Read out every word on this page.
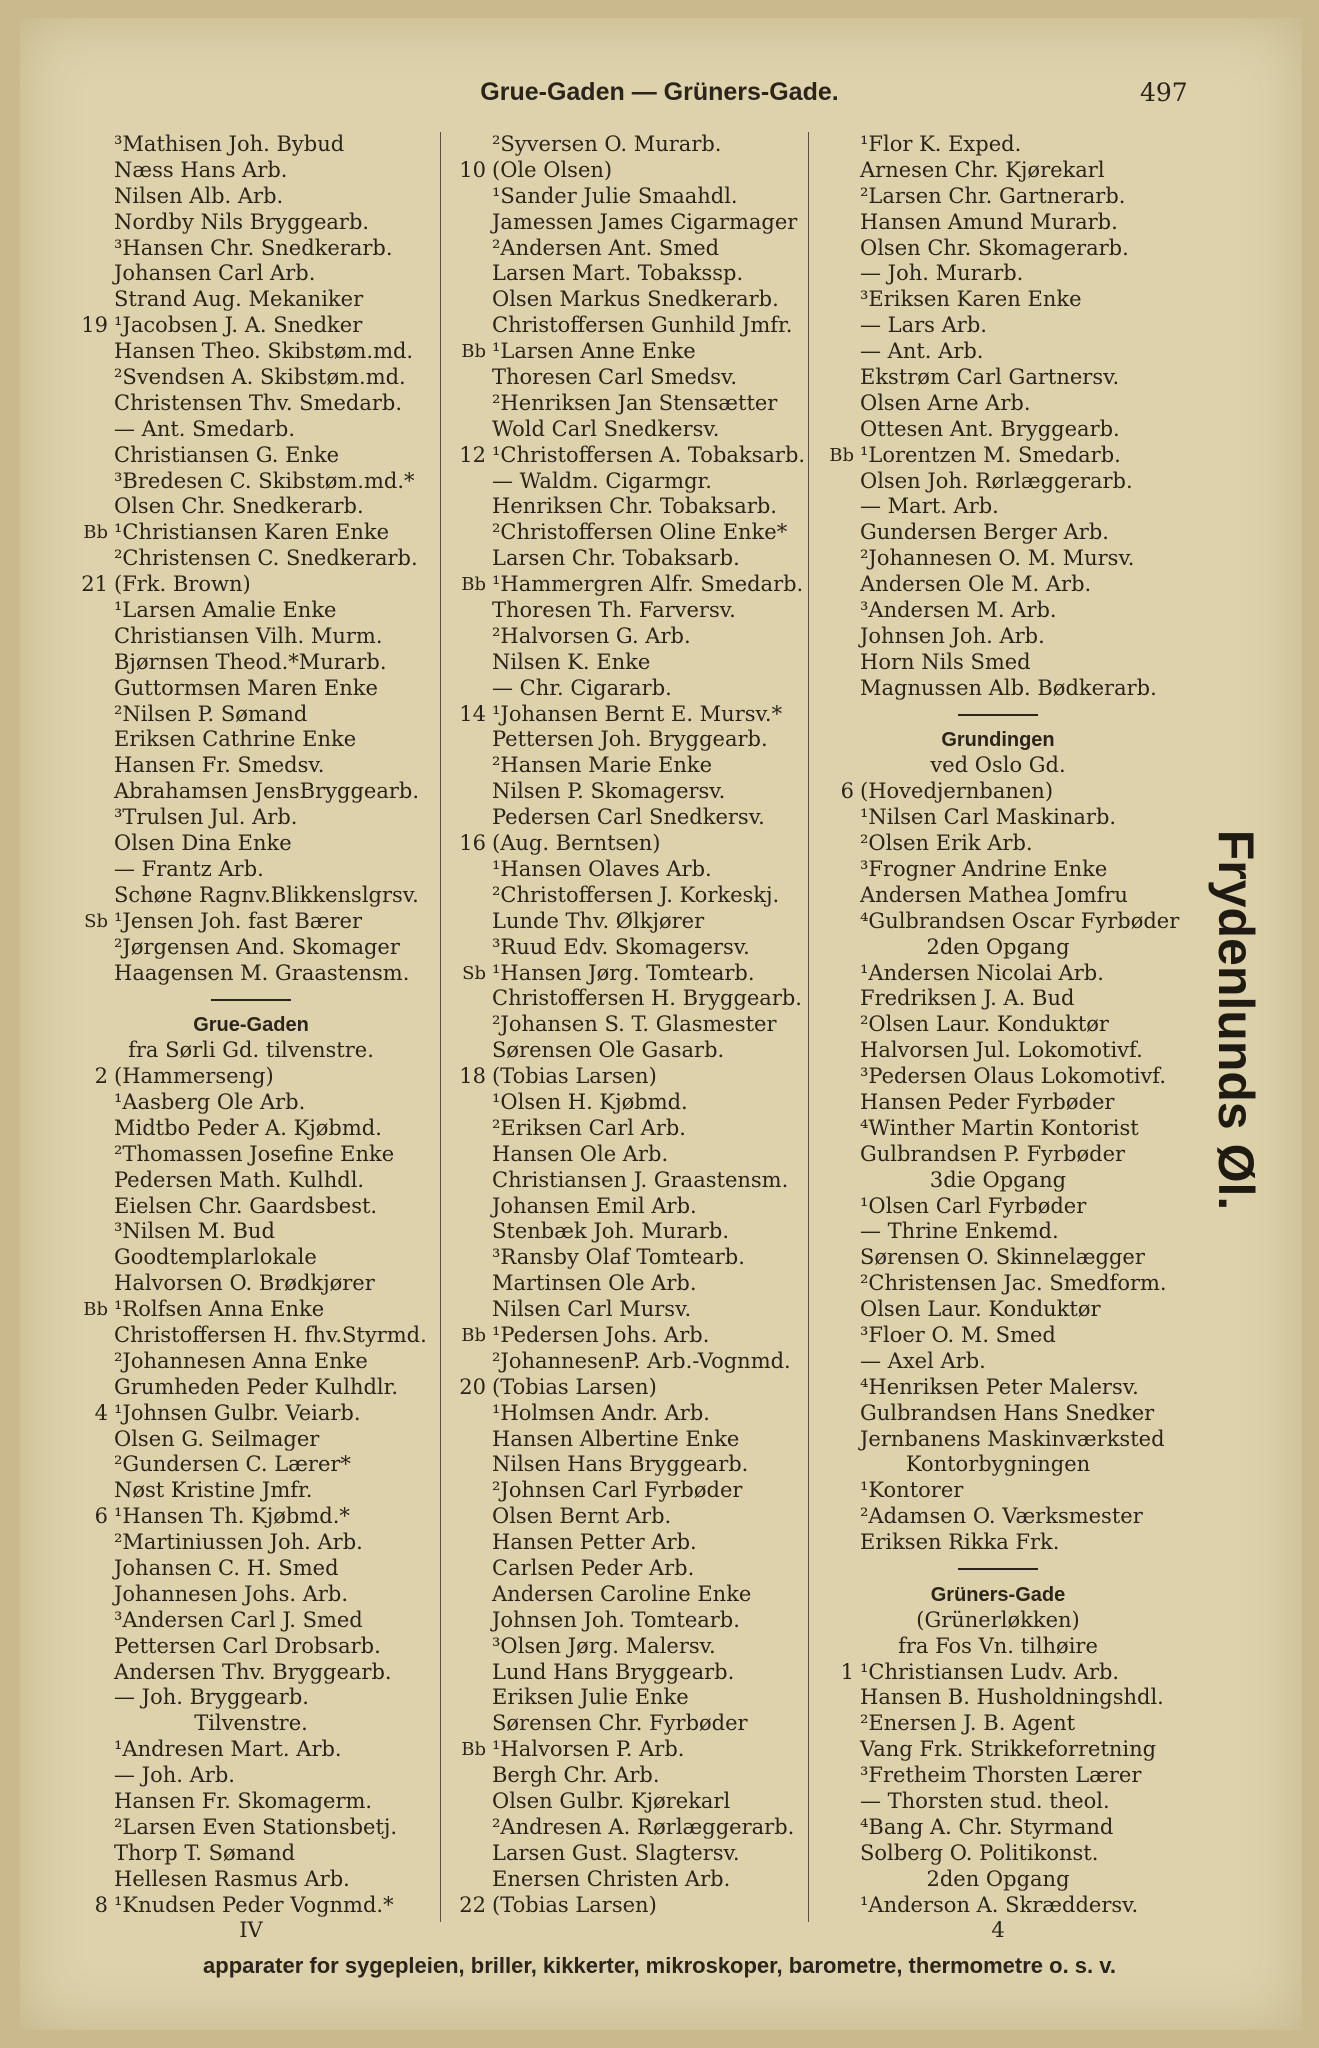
Grue-Gaden — Grüners-Gade.	497
³Mathisen Joh. Bybud
Næss Hans Arb.
Nilsen Alb. Arb.
Nordby Nils Bryggearb.
³Hansen Chr. Snedkerarb.
Johansen Carl Arb.
Strand Aug. Mekaniker
19 ¹Jacobsen J. A. Snedker
Hansen Theo. Skibstøm.md.
²Svendsen A. Skibstøm.md.
Christensen Thv. Smedarb.
— Ant. Smedarb.
Christiansen G. Enke
³Bredesen C. Skibstøm.md.*
Olsen Chr. Snedkerarb.
Bb ¹Christiansen Karen Enke
²Christensen C. Snedkerarb.
21 (Frk. Brown)
¹Larsen Amalie Enke
Christiansen Vilh. Murm.
Bjørnsen Theod.*Murarb.
Guttormsen Maren Enke
²Nilsen P. Sømand
Eriksen Cathrine Enke
Hansen Fr. Smedsv.
Abrahamsen JensBryggearb.
³Trulsen Jul. Arb.
Olsen Dina Enke
— Frantz Arb.
Schøne Ragnv.Blikkenslgrsv.
Sb ¹Jensen Joh. fast Bærer
²Jørgensen And. Skomager
Haagensen M. Graastensm.
Grue-Gaden
fra Sørli Gd. tilvenstre.
2 (Hammerseng)
¹Aasberg Ole Arb.
Midtbo Peder A. Kjøbmd.
²Thomassen Josefine Enke
Pedersen Math. Kulhdl.
Eielsen Chr. Gaardsbest.
³Nilsen M. Bud
Goodtemplarlokale
Halvorsen O. Brødkjører
Bb ¹Rolfsen Anna Enke
Christoffersen H. fhv.Styrmd.
²Johannesen Anna Enke
Grumheden Peder Kulhdlr.
4 ¹Johnsen Gulbr. Veiarb.
Olsen G. Seilmager
²Gundersen C. Lærer*
Nøst Kristine Jmfr.
6 ¹Hansen Th. Kjøbmd.*
²Martiniussen Joh. Arb.
Johansen C. H. Smed
Johannesen Johs. Arb.
³Andersen Carl J. Smed
Pettersen Carl Drobsarb.
Andersen Thv. Bryggearb.
— Joh. Bryggearb.
Tilvenstre.
¹Andresen Mart. Arb.
— Joh. Arb.
Hansen Fr. Skomagerm.
²Larsen Even Stationsbetj.
Thorp T. Sømand
Hellesen Rasmus Arb.
8 ¹Knudsen Peder Vognmd.*
IV
²Syversen O. Murarb.
10 (Ole Olsen)
¹Sander Julie Smaahdl.
Jamessen James Cigarmager
²Andersen Ant. Smed
Larsen Mart. Tobakssp.
Olsen Markus Snedkerarb.
Christoffersen Gunhild Jmfr.
Bb ¹Larsen Anne Enke
Thoresen Carl Smedsv.
²Henriksen Jan Stensætter
Wold Carl Snedkersv.
12 ¹Christoffersen A. Tobaksarb.
— Waldm. Cigarmgr.
Henriksen Chr. Tobaksarb.
²Christoffersen Oline Enke*
Larsen Chr. Tobaksarb.
Bb ¹Hammergren Alfr. Smedarb.
Thoresen Th. Farversv.
²Halvorsen G. Arb.
Nilsen K. Enke
— Chr. Cigararb.
14 ¹Johansen Bernt E. Mursv.*
Pettersen Joh. Bryggearb.
²Hansen Marie Enke
Nilsen P. Skomagersv.
Pedersen Carl Snedkersv.
16 (Aug. Berntsen)
¹Hansen Olaves Arb.
²Christoffersen J. Korkeskj.
Lunde Thv. Ølkjører
³Ruud Edv. Skomagersv.
Sb ¹Hansen Jørg. Tomtearb.
Christoffersen H. Bryggearb.
²Johansen S. T. Glasmester
Sørensen Ole Gasarb.
18 (Tobias Larsen)
¹Olsen H. Kjøbmd.
²Eriksen Carl Arb.
Hansen Ole Arb.
Christiansen J. Graastensm.
Johansen Emil Arb.
Stenbæk Joh. Murarb.
³Ransby Olaf Tomtearb.
Martinsen Ole Arb.
Nilsen Carl Mursv.
Bb ¹Pedersen Johs. Arb.
²JohannesenP. Arb.-Vognmd.
20 (Tobias Larsen)
¹Holmsen Andr. Arb.
Hansen Albertine Enke
Nilsen Hans Bryggearb.
²Johnsen Carl Fyrbøder
Olsen Bernt Arb.
Hansen Petter Arb.
Carlsen Peder Arb.
Andersen Caroline Enke
Johnsen Joh. Tomtearb.
³Olsen Jørg. Malersv.
Lund Hans Bryggearb.
Eriksen Julie Enke
Sørensen Chr. Fyrbøder
Bb ¹Halvorsen P. Arb.
Bergh Chr. Arb.
Olsen Gulbr. Kjørekarl
²Andresen A. Rørlæggerarb.
Larsen Gust. Slagtersv.
Enersen Christen Arb.
22 (Tobias Larsen)
¹Flor K. Exped.
Arnesen Chr. Kjørekarl
²Larsen Chr. Gartnerarb.
Hansen Amund Murarb.
Olsen Chr. Skomagerarb.
— Joh. Murarb.
³Eriksen Karen Enke
— Lars Arb.
— Ant. Arb.
Ekstrøm Carl Gartnersv.
Olsen Arne Arb.
Ottesen Ant. Bryggearb.
Bb ¹Lorentzen M. Smedarb.
Olsen Joh. Rørlæggerarb.
— Mart. Arb.
Gundersen Berger Arb.
²Johannesen O. M. Mursv.
Andersen Ole M. Arb.
³Andersen M. Arb.
Johnsen Joh. Arb.
Horn Nils Smed
Magnussen Alb. Bødkerarb.
Grundingen
ved Oslo Gd.
6 (Hovedjernbanen)
¹Nilsen Carl Maskinarb.
²Olsen Erik Arb.
³Frogner Andrine Enke
Andersen Mathea Jomfru
⁴Gulbrandsen Oscar Fyrbøder
2den Opgang
¹Andersen Nicolai Arb.
Fredriksen J. A. Bud
²Olsen Laur. Konduktør
Halvorsen Jul. Lokomotivf.
³Pedersen Olaus Lokomotivf.
Hansen Peder Fyrbøder
⁴Winther Martin Kontorist
Gulbrandsen P. Fyrbøder
3die Opgang
¹Olsen Carl Fyrbøder
— Thrine Enkemd.
Sørensen O. Skinnelægger
²Christensen Jac. Smedform.
Olsen Laur. Konduktør
³Floer O. M. Smed
— Axel Arb.
⁴Henriksen Peter Malersv.
Gulbrandsen Hans Snedker
Jernbanens Maskinværksted
Kontorbygningen
¹Kontorer
²Adamsen O. Værksmester
Eriksen Rikka Frk.
Grüners-Gade
(Grünerløkken)
fra Fos Vn. tilhøire
1 ¹Christiansen Ludv. Arb.
Hansen B. Husholdningshdl.
²Enersen J. B. Agent
Vang Frk. Strikkeforretning
³Fretheim Thorsten Lærer
— Thorsten stud. theol.
⁴Bang A. Chr. Styrmand
Solberg O. Politikonst.
2den Opgang
¹Anderson A. Skræddersv.
4
Frydenlunds Øl.
apparater for sygepleien, briller, kikkerter, mikroskoper, barometre, thermometre o. s. v.
